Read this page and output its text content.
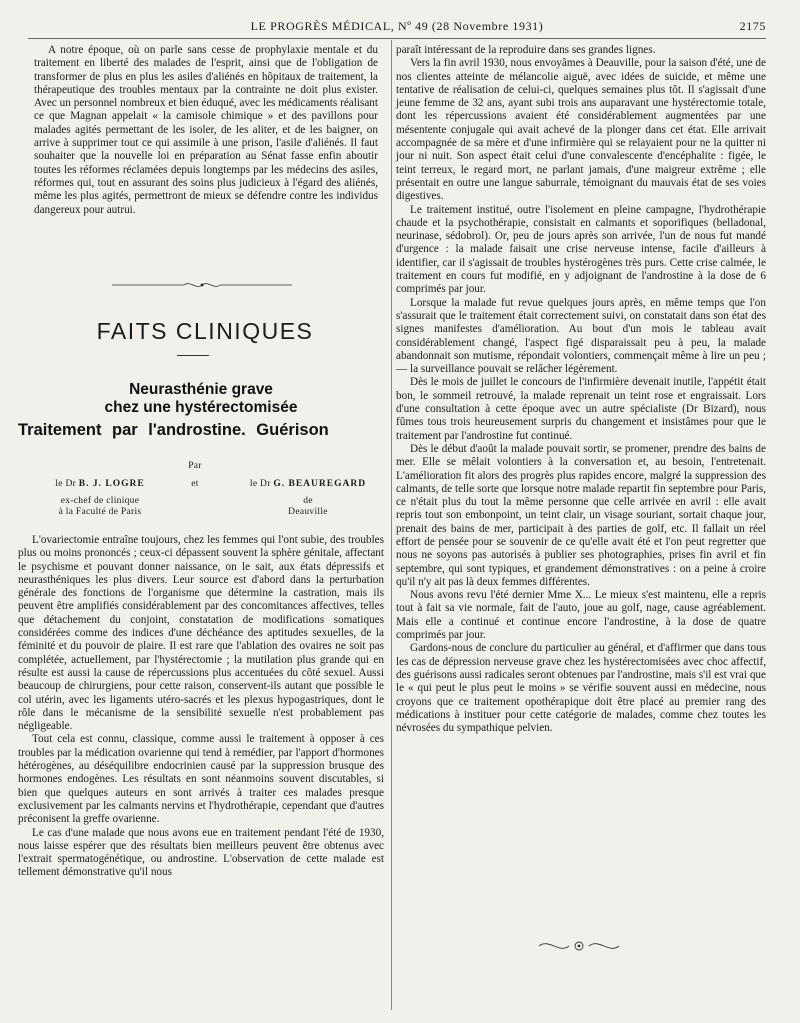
LE PROGRÈS MÉDICAL, Nº 49 (28 Novembre 1931)	2175

A notre époque, où on parle sans cesse de prophylaxie mentale et du traitement en liberté des malades de l'esprit, ainsi que de l'obligation de transformer de plus en plus les asiles d'aliénés en hôpitaux de traitement, la thérapeutique des troubles mentaux par la contrainte ne doit plus exister. Avec un personnel nombreux et bien éduqué, avec les médicaments réalisant ce que Magnan appelait « la camisole chimique » et des pavillons pour malades agités permettant de les isoler, de les aliter, et de les baigner, on arrive à supprimer tout ce qui assimile à une prison, l'asile d'aliénés. Il faut souhaiter que la nouvelle loi en préparation au Sénat fasse enfin aboutir toutes les réformes réclamées depuis longtemps par les médecins des asiles, réformes qui, tout en assurant des soins plus judicieux à l'égard des aliénés, même les plus agités, permettront de mieux se défendre contre les individus dangereux pour autrui.

FAITS CLINIQUES
Neurasthénie grave
chez une hystérectomisée
Traitement par l'androstine. Guérison
Par
et
le Dr B. J. LOGRE
ex-chef de clinique
à la Faculté de Paris
le Dr G. BEAUREGARD
de
Deauville

L'ovariectomie entraîne toujours, chez les femmes qui l'ont subie, des troubles plus ou moins prononcés ; ceux-ci dépassent souvent la sphère génitale, affectant le psychisme et pouvant donner naissance, on le sait, aux états dépressifs et neurasthéniques les plus divers. Leur source est d'abord dans la perturbation générale des fonctions de l'organisme que détermine la castration, mais ils peuvent être amplifiés considérablement par des concomitances affectives, telles que détachement du conjoint, constatation de modifications somatiques considérées comme des indices d'une déchéance des aptitudes sexuelles, de la féminité et du pouvoir de plaire. Il est rare que l'ablation des ovaires ne soit pas complétée, actuellement, par l'hystérectomie ; la mutilation plus grande qui en résulte est aussi la cause de répercussions plus accentuées du côté sexuel. Aussi beaucoup de chirurgiens, pour cette raison, conservent-ils autant que possible le col utérin, avec les ligaments utéro-sacrés et les plexus hypogastriques, dont le rôle dans le mécanisme de la sensibilité sexuelle n'est probablement pas négligeable.

Tout cela est connu, classique, comme aussi le traitement à opposer à ces troubles par la médication ovarienne qui tend à remédier, par l'apport d'hormones hétérogènes, au déséquilibre endocrinien causé par la suppression brusque des hormones endogènes. Les résultats en sont néanmoins souvent discutables, si bien que quelques auteurs en sont arrivés à traiter ces malades presque exclusivement par les calmants nervins et l'hydrothérapie, cependant que d'autres préconisent la greffe ovarienne.

Le cas d'une malade que nous avons eue en traitement pendant l'été de 1930, nous laisse espérer que des résultats bien meilleurs peuvent être obtenus avec l'extrait spermatogénétique, ou androstine. L'observation de cette malade est tellement démonstrative qu'il nous

paraît intéressant de la reproduire dans ses grandes lignes.

Vers la fin avril 1930, nous envoyâmes à Deauville, pour la saison d'été, une de nos clientes atteinte de mélancolie aiguë, avec idées de suicide, et même une tentative de réalisation de celui-ci, quelques semaines plus tôt. Il s'agissait d'une jeune femme de 32 ans, ayant subi trois ans auparavant une hystérectomie totale, dont les répercussions avaient été considérablement augmentées par une mésentente conjugale qui avait achevé de la plonger dans cet état. Elle arrivait accompagnée de sa mère et d'une infirmière qui se relayaient pour ne la quitter ni jour ni nuit. Son aspect était celui d'une convalescente d'encéphalite : figée, le teint terreux, le regard mort, ne parlant jamais, d'une maigreur extrême ; elle présentait en outre une langue saburrale, témoignant du mauvais état de ses voies digestives.

Le traitement institué, outre l'isolement en pleine campagne, l'hydrothérapie chaude et la psychothérapie, consistait en calmants et soporifiques (belladonal, neurinase, sédobrol). Or, peu de jours après son arrivée, l'un de nous fut mandé d'urgence : la malade faisait une crise nerveuse intense, facile d'ailleurs à identifier, car il s'agissait de troubles hystérogènes très purs. Cette crise calmée, le traitement en cours fut modifié, en y adjoignant de l'androstine à la dose de 6 comprimés par jour.

Lorsque la malade fut revue quelques jours après, en même temps que l'on s'assurait que le traitement était correctement suivi, on constatait dans son état des signes manifestes d'amélioration. Au bout d'un mois le tableau avait considérablement changé, l'aspect figé disparaissait peu à peu, la malade abandonnait son mutisme, répondait volontiers, commençait même à lire un peu ; — la surveillance pouvait se relâcher légèrement.

Dès le mois de juillet le concours de l'infirmière devenait inutile, l'appétit était bon, le sommeil retrouvé, la malade reprenait un teint rose et engraissait. Lors d'une consultation à cette époque avec un autre spécialiste (Dr Bizard), nous fûmes tous trois heureusement surpris du changement et insistâmes pour que le traitement par l'androstine fut continué.

Dès le début d'août la malade pouvait sortir, se promener, prendre des bains de mer. Elle se mêlait volontiers à la conversation et, au besoin, l'entretenait. L'amélioration fit alors des progrès plus rapides encore, malgré la suppression des calmants, de telle sorte que lorsque notre malade repartit fin septembre pour Paris, ce n'était plus du tout la même personne que celle arrivée en avril : elle avait repris tout son embonpoint, un teint clair, un visage souriant, sortait chaque jour, prenait des bains de mer, participait à des parties de golf, etc. Il fallait un réel effort de pensée pour se souvenir de ce qu'elle avait été et l'on peut regretter que nous ne soyons pas autorisés à publier ses photographies, prises fin avril et fin septembre, qui sont typiques, et grandement démonstratives : on a peine à croire qu'il n'y ait pas là deux femmes différentes.

Nous avons revu l'été dernier Mme X... Le mieux s'est maintenu, elle a repris tout à fait sa vie normale, fait de l'auto, joue au golf, nage, cause agréablement. Mais elle a continué et continue encore l'androstine, à la dose de quatre comprimés par jour.

Gardons-nous de conclure du particulier au général, et d'affirmer que dans tous les cas de dépression nerveuse grave chez les hystérectomisées avec choc affectif, des guérisons aussi radicales seront obtenues par l'androstine, mais s'il est vrai que le « qui peut le plus peut le moins » se vérifie souvent aussi en médecine, nous croyons que ce traitement opothérapique doit être placé au premier rang des médications à instituer pour cette catégorie de malades, comme chez toutes les névrosées du sympathique pelvien.
